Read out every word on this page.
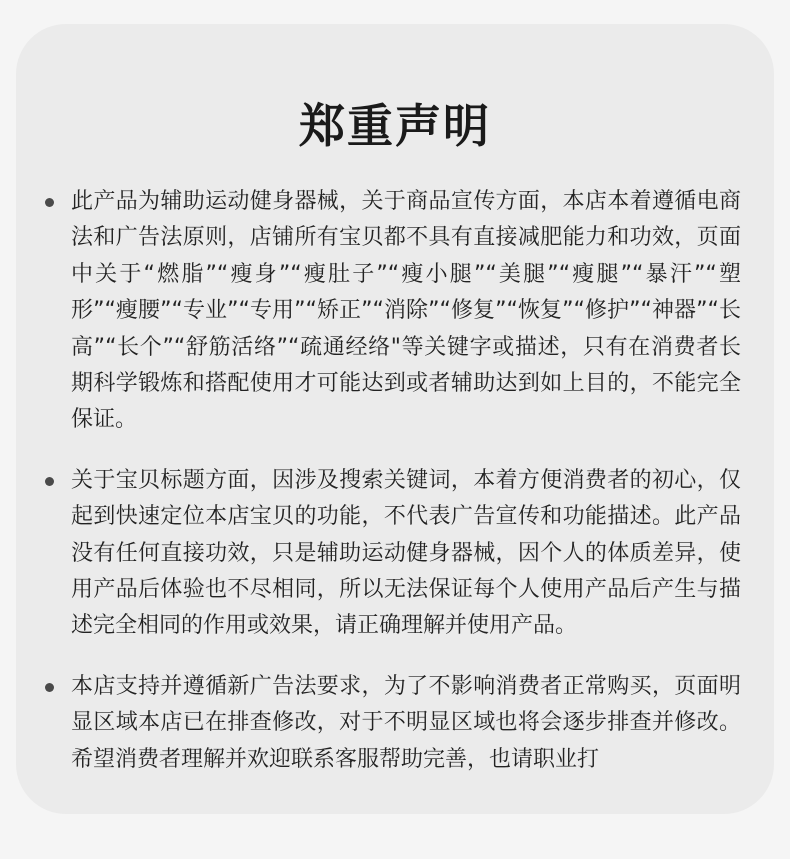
郑重声明
此产品为辅助运动健身器械，关于商品宣传方面，本店本着遵循电商法和广告法原则，店铺所有宝贝都不具有直接减肥能力和功效，页面中关于“燃脂”“瘦身”“瘦肚子”“瘦小腿”“美腿”“瘦腿”“暴汗”“塑形”“瘦腰”“专业”“专用”“矫正”“消除”“修复”“恢复”“修护”“神器”“长高”“长个”“舒筋活络”“疏通经络"等关键字或描述，只有在消费者长期科学锻炼和搭配使用才可能达到或者辅助达到如上目的，不能完全保证。
关于宝贝标题方面，因涉及搜索关键词，本着方便消费者的初心，仅起到快速定位本店宝贝的功能，不代表广告宣传和功能描述。此产品没有任何直接功效，只是辅助运动健身器械，因个人的体质差异，使用产品后体验也不尽相同，所以无法保证每个人使用产品后产生与描述完全相同的作用或效果，请正确理解并使用产品。
本店支持并遵循新广告法要求，为了不影响消费者正常购买，页面明显区域本店已在排查修改，对于不明显区域也将会逐步排查并修改。希望消费者理解并欢迎联系客服帮助完善，也请职业打
